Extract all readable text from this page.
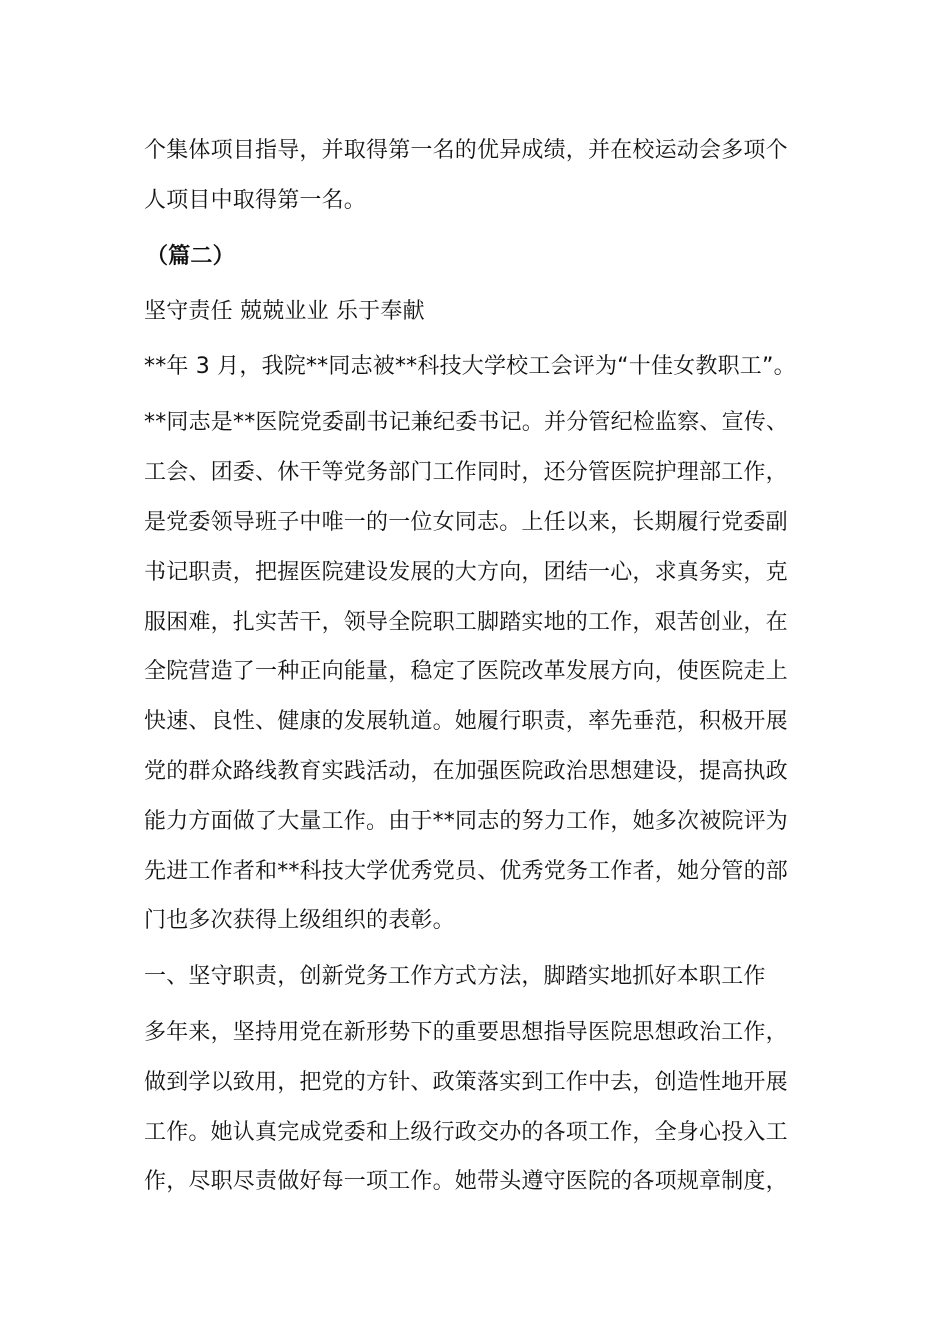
个集体项目指导，并取得第一名的优异成绩，并在校运动会多项个
人项目中取得第一名。
（篇二）
坚守责任 兢兢业业 乐于奉献
**年 3 月，我院**同志被**科技大学校工会评为“十佳女教职工”。
**同志是**医院党委副书记兼纪委书记。并分管纪检监察、宣传、
工会、团委、休干等党务部门工作同时，还分管医院护理部工作，
是党委领导班子中唯一的一位女同志。上任以来，长期履行党委副
书记职责，把握医院建设发展的大方向，团结一心，求真务实，克
服困难，扎实苦干，领导全院职工脚踏实地的工作，艰苦创业，在
全院营造了一种正向能量，稳定了医院改革发展方向，使医院走上
快速、良性、健康的发展轨道。她履行职责，率先垂范，积极开展
党的群众路线教育实践活动，在加强医院政治思想建设，提高执政
能力方面做了大量工作。由于**同志的努力工作，她多次被院评为
先进工作者和**科技大学优秀党员、优秀党务工作者，她分管的部
门也多次获得上级组织的表彰。
一、坚守职责，创新党务工作方式方法，脚踏实地抓好本职工作
多年来，坚持用党在新形势下的重要思想指导医院思想政治工作，
做到学以致用，把党的方针、政策落实到工作中去，创造性地开展
工作。她认真完成党委和上级行政交办的各项工作，全身心投入工
作，尽职尽责做好每一项工作。她带头遵守医院的各项规章制度，
